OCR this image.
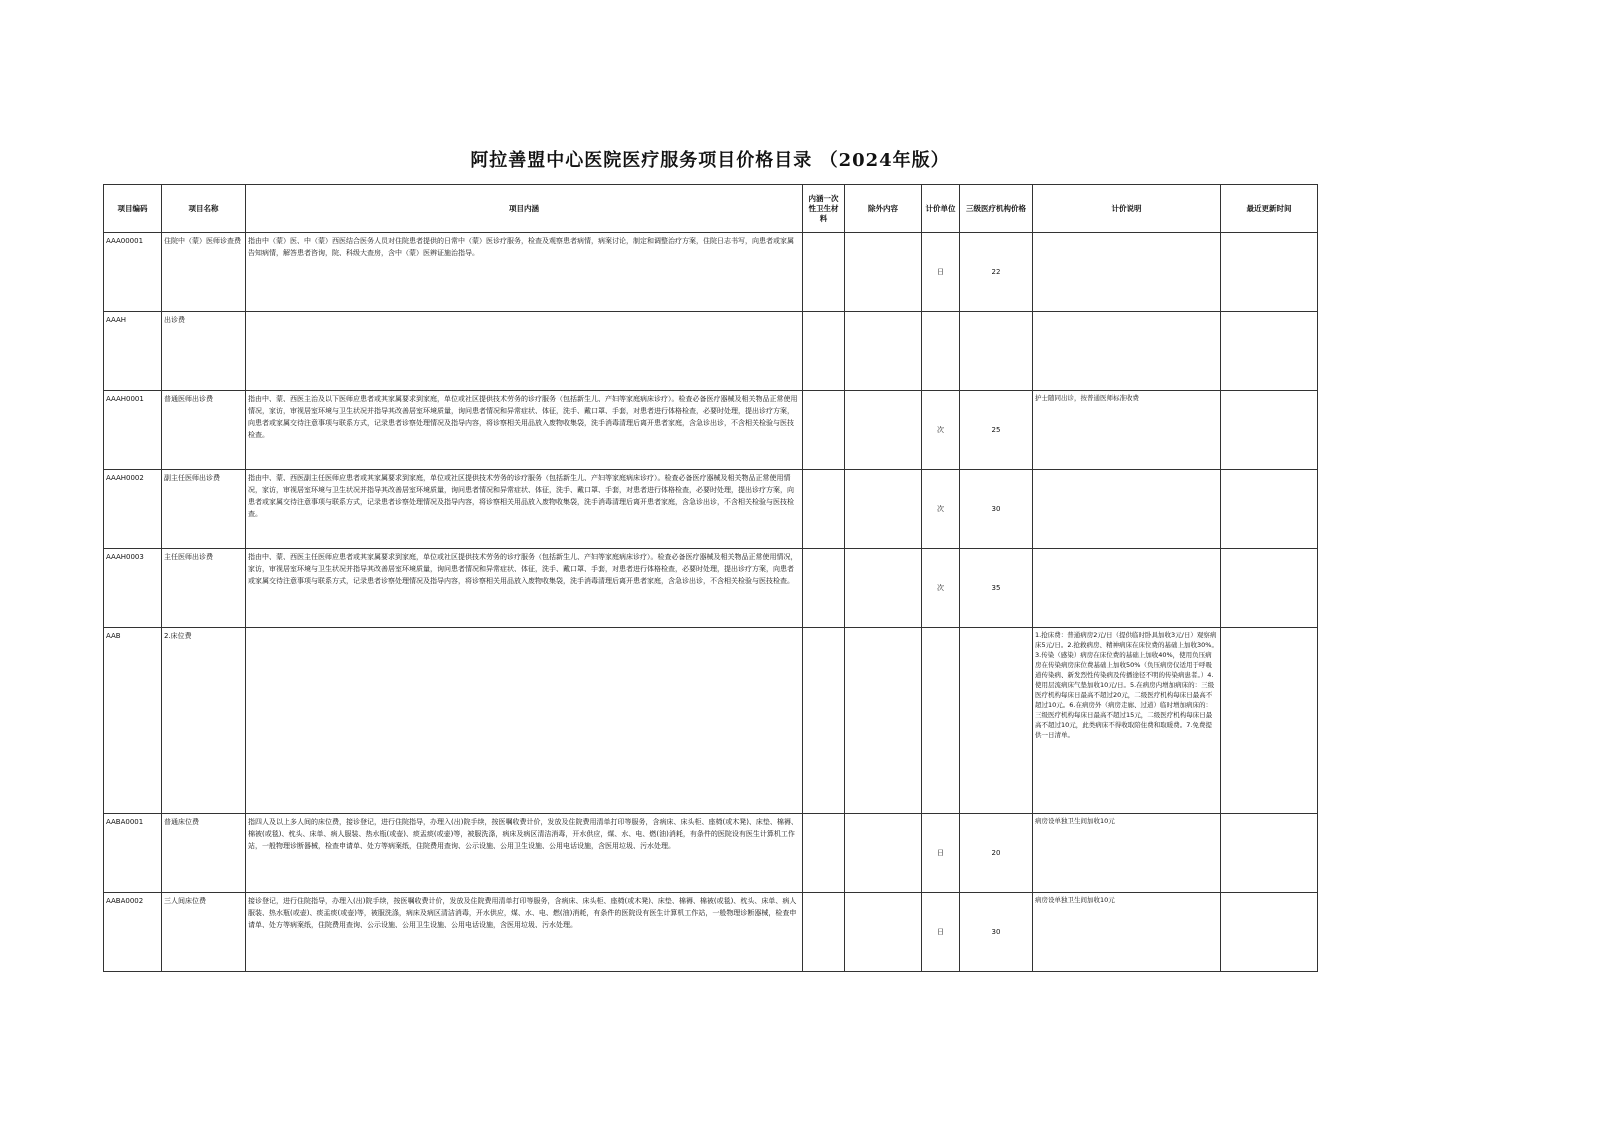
阿拉善盟中心医院医疗服务项目价格目录 （2024年版）
项目编码	项目名称	项目内涵	内涵一次性卫生材料	除外内容	计价单位	三级医疗机构价格	计价说明	最近更新时间
AAA00001	住院中（蒙）医师诊查费	指由中（蒙）医、中（蒙）西医结合医务人员对住院患者提供的日常中（蒙）医诊疗服务，检查及观察患者病情，病案讨论，制定和调整治疗方案，住院日志书写，向患者或家属告知病情，解答患者咨询，院、科级大查房，含中（蒙）医辨证施治指导。			日	22		
AAAH	出诊费							
AAAH0001	普通医师出诊费	指由中、蒙、西医主治及以下医师应患者或其家属要求到家庭，单位或社区提供技术劳务的诊疗服务（包括新生儿、产妇等家庭病床诊疗）。检查必备医疗器械及相关物品正常使用情况，家访，审视居室环境与卫生状况并指导其改善居室环境质量，询问患者情况和异常症状、体征，洗手、戴口罩、手套，对患者进行体格检查，必要时处理，提出诊疗方案，向患者或家属交待注意事项与联系方式，记录患者诊察处理情况及指导内容，将诊察相关用品放入废物收集袋，洗手消毒清理后离开患者家庭，含急诊出诊，不含相关检验与医技检查。			次	25	护士随同出诊，按普通医师标准收费	
AAAH0002	副主任医师出诊费	指由中、蒙、西医副主任医师应患者或其家属要求到家庭，单位或社区提供技术劳务的诊疗服务（包括新生儿、产妇等家庭病床诊疗）。检查必备医疗器械及相关物品正常使用情况，家访，审视居室环境与卫生状况并指导其改善居室环境质量，询问患者情况和异常症状、体征，洗手、戴口罩、手套，对患者进行体格检查，必要时处理，提出诊疗方案，向患者或家属交待注意事项与联系方式，记录患者诊察处理情况及指导内容，将诊察相关用品放入废物收集袋，洗手消毒清理后离开患者家庭，含急诊出诊，不含相关检验与医技检查。			次	30		
AAAH0003	主任医师出诊费	指由中、蒙、西医主任医师应患者或其家属要求到家庭，单位或社区提供技术劳务的诊疗服务（包括新生儿、产妇等家庭病床诊疗）。检查必备医疗器械及相关物品正常使用情况，家访，审视居室环境与卫生状况并指导其改善居室环境质量，询问患者情况和异常症状、体征，洗手、戴口罩、手套，对患者进行体格检查，必要时处理，提出诊疗方案，向患者或家属交待注意事项与联系方式，记录患者诊察处理情况及指导内容，将诊察相关用品放入废物收集袋，洗手消毒清理后离开患者家庭，含急诊出诊，不含相关检验与医技检查。			次	35		
AAB	2.床位费						1.抢床费：普通病房2元/日（提供临时卧具加收3元/日）观察病床5元/日。2.抢救病房、精神病床在床位费的基础上加收30%。3.传染（感染）病房在床位费的基础上加收40%，使用负压病房在传染病房床位费基础上加收50%（负压病房仅适用于呼吸道传染病、新发烈性传染病及传播途径不明的传染病患者。）4.使用层流病床气垫加收10元/日。5.在病房内增加病床的：三级医疗机构每床日最高不超过20元，二级医疗机构每床日最高不超过10元。6.在病房外（病房走廊、过道）临时增加病床的：三级医疗机构每床日最高不超过15元，二级医疗机构每床日最高不超过10元，此类病床不得收取陪住费和取暖费。7.免费提供一日清单。	
AABA0001	普通床位费	指四人及以上多人间的床位费，接诊登记，进行住院指导，办理入(出)院手续，按医嘱收费计价，发放及住院费用清单打印等服务，含病床、床头柜、座椅(或木凳)、床垫、棉褥、棉被(或毯)、枕头、床单、病人服装、热水瓶(或壶)、痰盂痰(或壶)等，被服洗涤，病床及病区清洁消毒，开水供应，煤、水、电、燃(油)消耗，有条件的医院设有医生计算机工作站，一般物理诊断器械，检查申请单、处方等病案纸，住院费用查询、公示设施、公用卫生设施、公用电话设施，含医用垃圾、污水处理。			日	20	病房设单独卫生间加收10元	
AABA0002	三人间床位费	接诊登记，进行住院指导，办理入(出)院手续，按医嘱收费计价，发放及住院费用清单打印等服务，含病床、床头柜、座椅(或木凳)、床垫、棉褥、棉被(或毯)、枕头、床单、病人服装、热水瓶(或壶)、痰盂痰(或壶)等，被服洗涤，病床及病区清洁消毒，开水供应，煤、水、电、燃(油)消耗，有条件的医院设有医生计算机工作站，一般物理诊断器械，检查申请单、处方等病案纸，住院费用查询、公示设施、公用卫生设施、公用电话设施，含医用垃圾、污水处理。			日	30	病房设单独卫生间加收10元	
